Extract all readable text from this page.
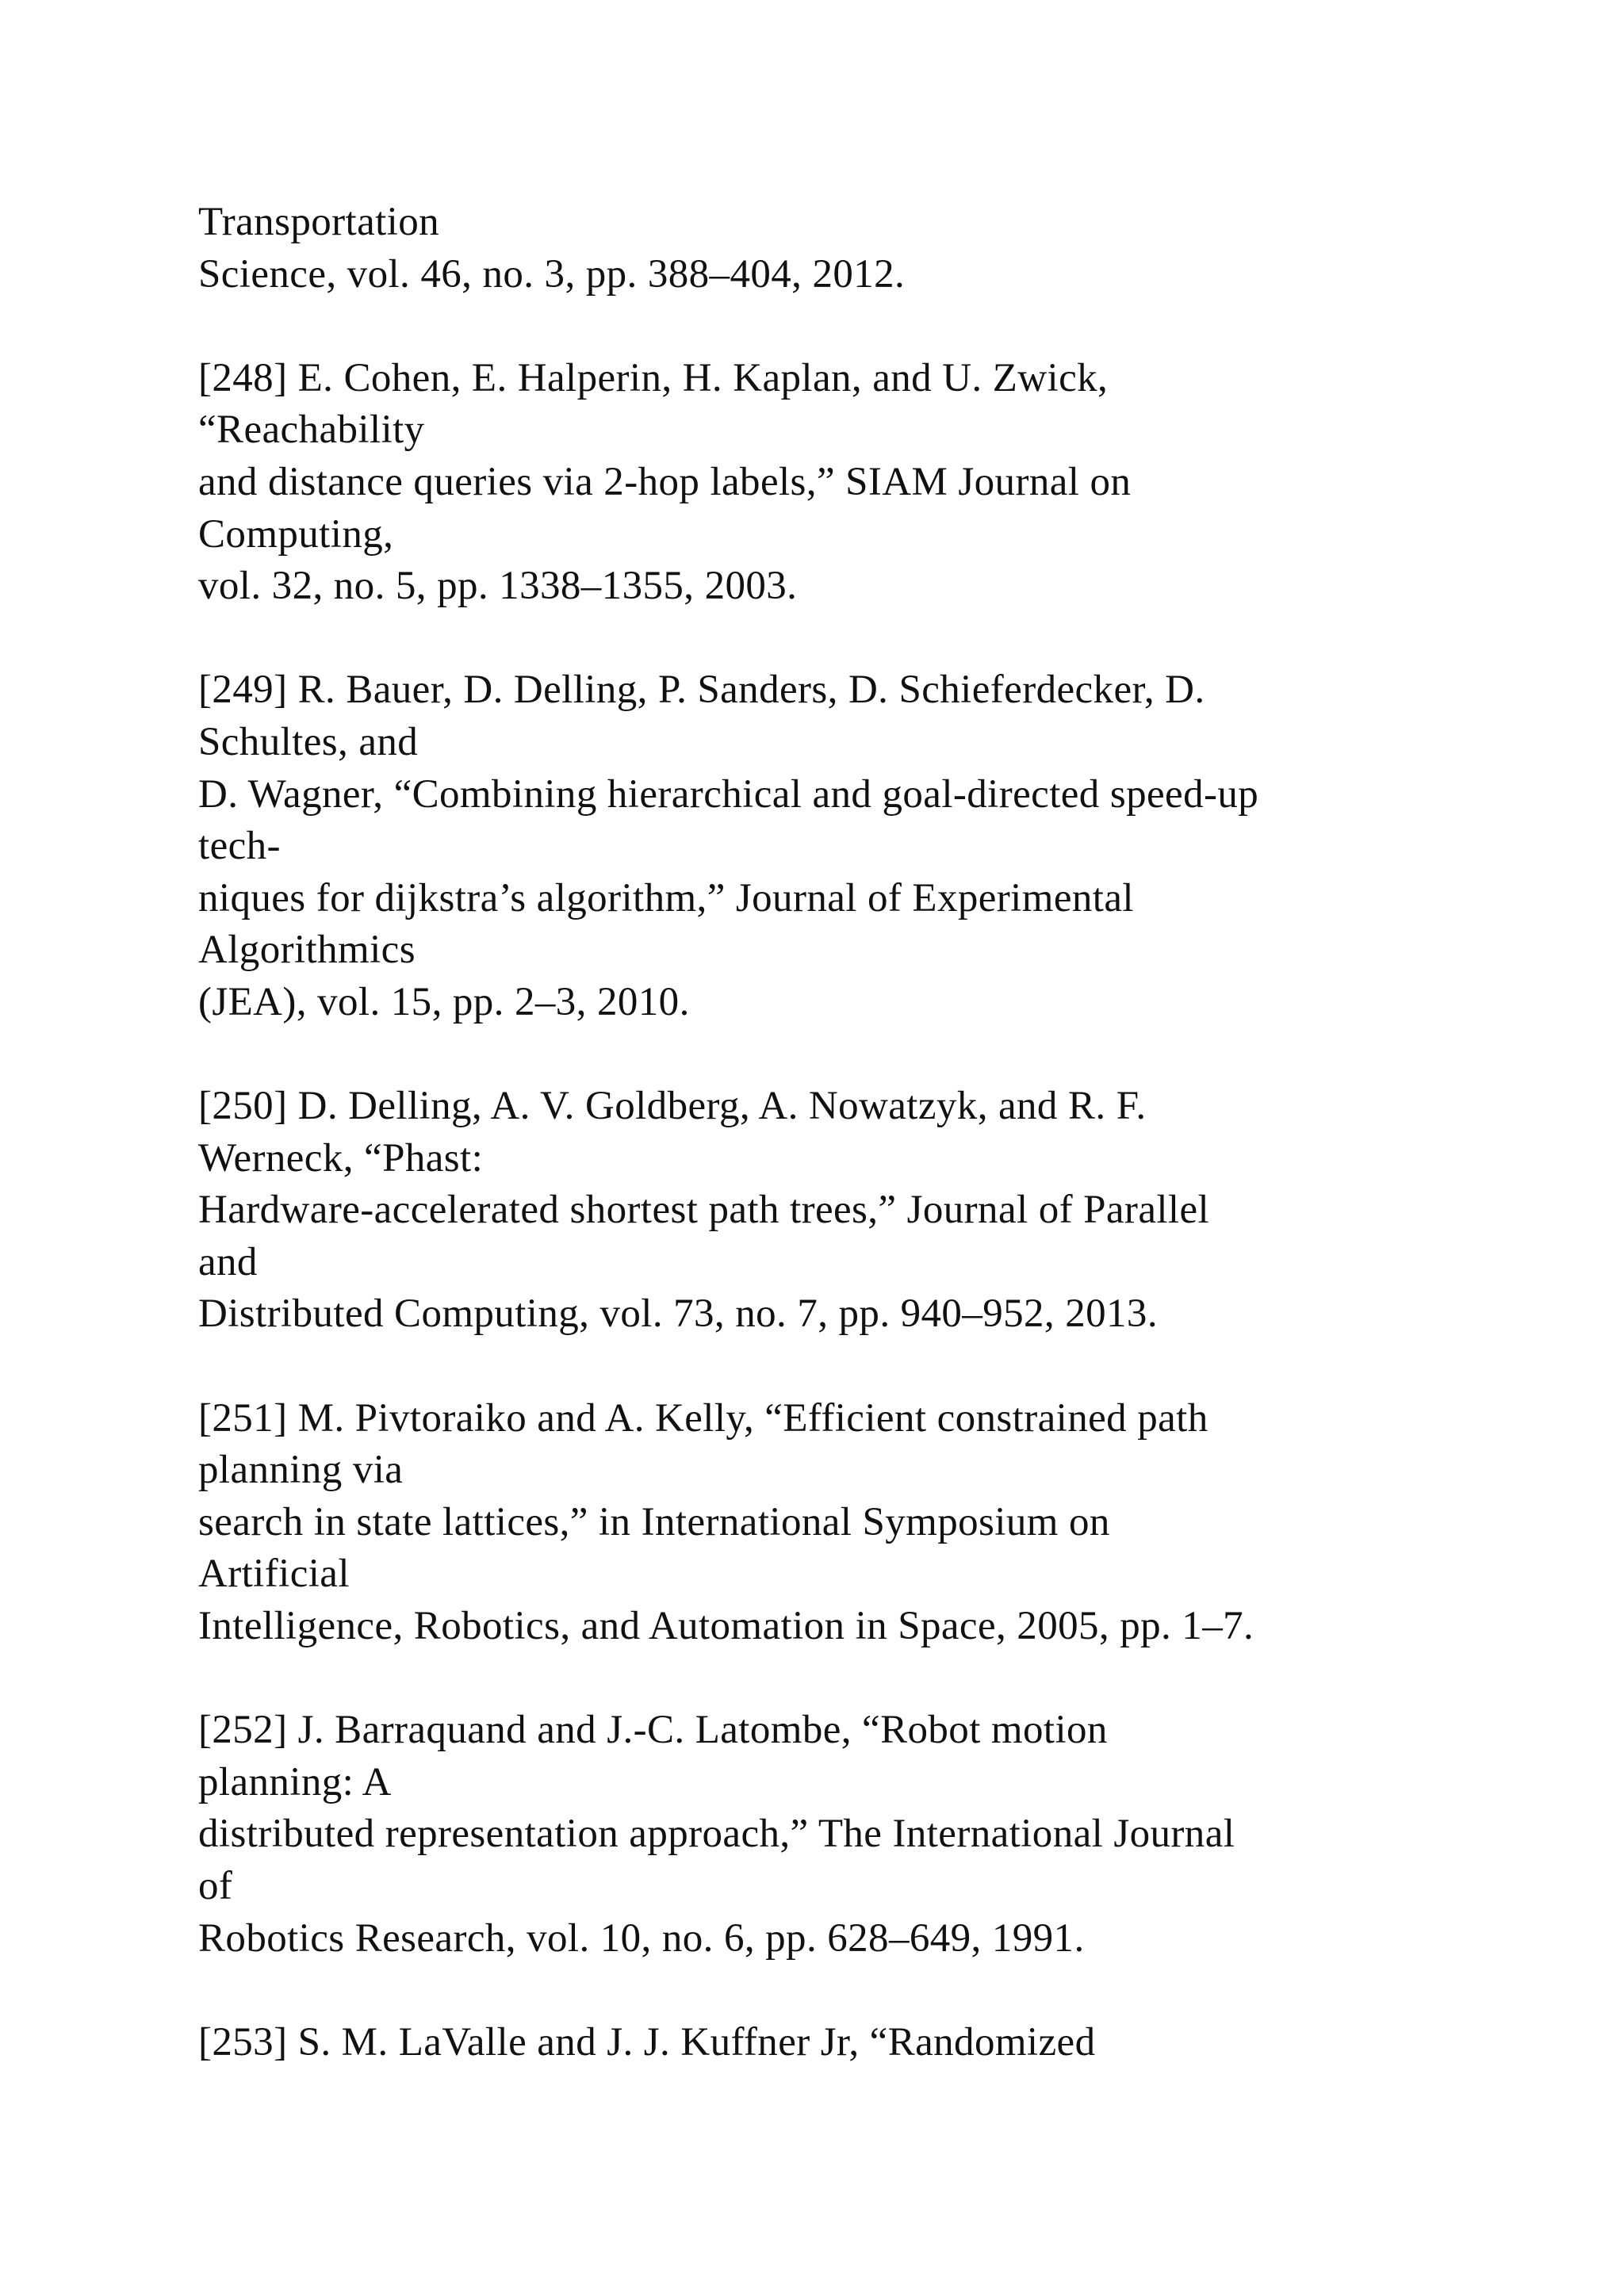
Transportation
Science, vol. 46, no. 3, pp. 388–404, 2012.
[248] E. Cohen, E. Halperin, H. Kaplan, and U. Zwick,
“Reachability
and distance queries via 2-hop labels,” SIAM Journal on
Computing,
vol. 32, no. 5, pp. 1338–1355, 2003.
[249] R. Bauer, D. Delling, P. Sanders, D. Schieferdecker, D.
Schultes, and
D. Wagner, “Combining hierarchical and goal-directed speed-up
tech-
niques for dijkstra’s algorithm,” Journal of Experimental
Algorithmics
(JEA), vol. 15, pp. 2–3, 2010.
[250] D. Delling, A. V. Goldberg, A. Nowatzyk, and R. F.
Werneck, “Phast:
Hardware-accelerated shortest path trees,” Journal of Parallel
and
Distributed Computing, vol. 73, no. 7, pp. 940–952, 2013.
[251] M. Pivtoraiko and A. Kelly, “Efficient constrained path
planning via
search in state lattices,” in International Symposium on
Artificial
Intelligence, Robotics, and Automation in Space, 2005, pp. 1–7.
[252] J. Barraquand and J.-C. Latombe, “Robot motion
planning: A
distributed representation approach,” The International Journal
of
Robotics Research, vol. 10, no. 6, pp. 628–649, 1991.
[253] S. M. LaValle and J. J. Kuffner Jr, “Randomized
